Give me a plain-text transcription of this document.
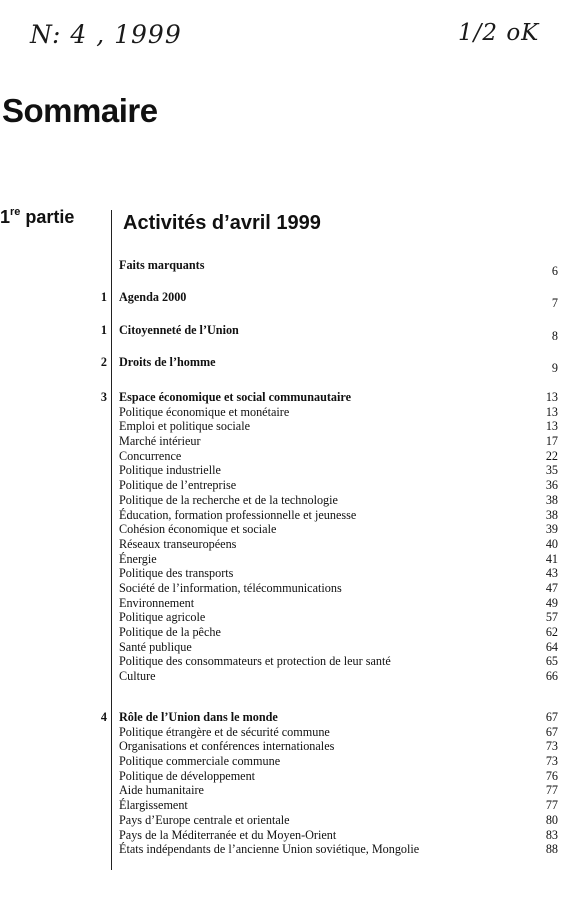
N: 4 , 1999	1/2 oK
Sommaire
1re partie Activités d’avril 1999
Faits marquants	6
1 Agenda 2000	7
1 Citoyenneté de l’Union	8
2 Droits de l’homme	9
3 Espace économique et social communautaire	13
Politique économique et monétaire	13
Emploi et politique sociale	13
Marché intérieur	17
Concurrence	22
Politique industrielle	35
Politique de l’entreprise	36
Politique de la recherche et de la technologie	38
Éducation, formation professionnelle et jeunesse	38
Cohésion économique et sociale	39
Réseaux transeuropéens	40
Énergie	41
Politique des transports	43
Société de l’information, télécommunications	47
Environnement	49
Politique agricole	57
Politique de la pêche	62
Santé publique	64
Politique des consommateurs et protection de leur santé	65
Culture	66
4 Rôle de l’Union dans le monde	67
Politique étrangère et de sécurité commune	67
Organisations et conférences internationales	73
Politique commerciale commune	73
Politique de développement	76
Aide humanitaire	77
Élargissement	77
Pays d’Europe centrale et orientale	80
Pays de la Méditerranée et du Moyen-Orient	83
États indépendants de l’ancienne Union soviétique, Mongolie	88
